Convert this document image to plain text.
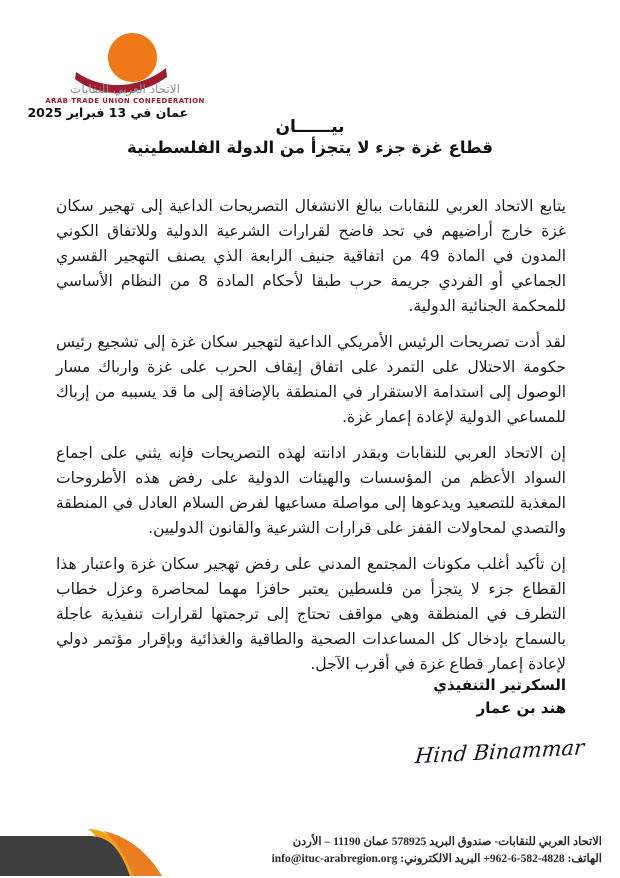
الاتحاد العربي للنقابات
ARAB TRADE UNION CONFEDERATION
عمان في 13 فبراير 2025
بيــــــان
قطاع غزة جزء لا يتجزأ من الدولة الفلسطينية

يتابع الاتحاد العربي للنقابات ببالغ الانشغال التصريحات الداعية إلى تهجير سكان غزة خارج أراضيهم في تحد فاضح لقرارات الشرعية الدولية وللاتفاق الكوني المدون في المادة 49 من اتفاقية جنيف الرابعة الذي يصنف التهجير القسري الجماعي أو الفردي جريمة حرب طبقا لأحكام المادة 8 من النظام الأساسي للمحكمة الجنائية الدولية.

لقد أدت تصريحات الرئيس الأمريكي الداعية لتهجير سكان غزة إلى تشجيع رئيس حكومة الاحتلال على التمرد على اتفاق إيقاف الحرب على غزة وارباك مسار الوصول إلى استدامة الاستقرار في المنطقة بالإضافة إلى ما قد يسببه من إرباك للمساعي الدولية لإعادة إعمار غزة.

إن الاتحاد العربي للنقابات وبقدر ادانته لهذه التصريحات فإنه يثني على اجماع السواد الأعظم من المؤسسات والهيئات الدولية على رفض هذه الأطروحات المغذية للتصعيد ويدعوها إلى مواصلة مساعيها لفرض السلام العادل في المنطقة والتصدي لمحاولات القفز على قرارات الشرعية والقانون الدوليين.

إن تأكيد أغلب مكونات المجتمع المدني على رفض تهجير سكان غزة واعتبار هذا القطاع جزء لا يتجزأ من فلسطين يعتبر حافزا مهما لمحاصرة وعزل خطاب التطرف في المنطقة وهي مواقف تحتاج إلى ترجمتها لقرارات تنفيذية عاجلة بالسماح بإدخال كل المساعدات الصحية والطاقية والغذائية وبإقرار مؤتمر دولي لإعادة إعمار قطاع غزة في أقرب الآجل.

السكرتير التنفيذي
هند بن عمار
Hind Binammar
الاتحاد العربي للنقابات- صندوق البريد 578925 عمان 11190 – الأردن
الهاتف: +962-6-582-4828 البريد الالكتروني: info@ituc-arabregion.org
